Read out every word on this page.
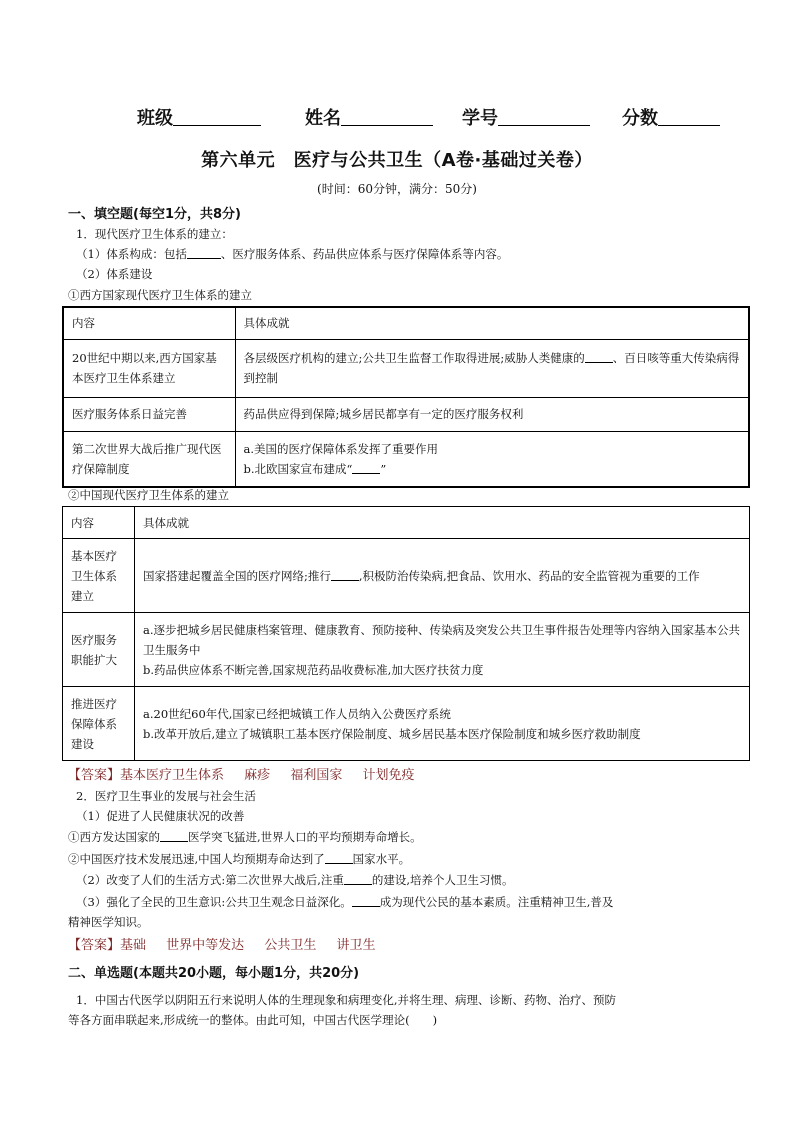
班级	姓名	学号	分数
第六单元　医疗与公共卫生（A卷·基础过关卷）
(时间：60分钟，满分：50分)
一、填空题(每空1分，共8分)
1．现代医疗卫生体系的建立：
（1）体系构成：包括	、医疗服务体系、药品供应体系与医疗保障体系等内容。
（2）体系建设
①西方国家现代医疗卫生体系的建立
内容	具体成就
20世纪中期以来,西方国家基本医疗卫生体系建立	各层级医疗机构的建立;公共卫生监督工作取得进展;威胁人类健康的 、百日咳等重大传染病得到控制
医疗服务体系日益完善	药品供应得到保障;城乡居民都享有一定的医疗服务权利
第二次世界大战后推广现代医疗保障制度	a.美国的医疗保障体系发挥了重要作用
b.北欧国家宣布建成“ ”
②中国现代医疗卫生体系的建立
内容	具体成就
基本医疗卫生体系建立	国家搭建起覆盖全国的医疗网络;推行 ,积极防治传染病,把食品、饮用水、药品的安全监管视为重要的工作
医疗服务职能扩大	a.逐步把城乡居民健康档案管理、健康教育、预防接种、传染病及突发公共卫生事件报告处理等内容纳入国家基本公共卫生服务中
b.药品供应体系不断完善,国家规范药品收费标准,加大医疗扶贫力度

推进医疗保障体系建设	a.20世纪60年代,国家已经把城镇工作人员纳入公费医疗系统
b.改革开放后,建立了城镇职工基本医疗保险制度、城乡居民基本医疗保险制度和城乡医疗救助制度
【答案】基本医疗卫生体系 麻疹 福利国家 计划免疫
2．医疗卫生事业的发展与社会生活
（1）促进了人民健康状况的改善
①西方发达国家的 医学突飞猛进,世界人口的平均预期寿命增长。
②中国医疗技术发展迅速,中国人均预期寿命达到了 国家水平。
（2）改变了人们的生活方式:第二次世界大战后,注重 的建设,培养个人卫生习惯。
（3）强化了全民的卫生意识:公共卫生观念日益深化。 成为现代公民的基本素质。注重精神卫生,普及
精神医学知识。
【答案】基础 世界中等发达 公共卫生 讲卫生
二、单选题(本题共20小题，每小题1分，共20分)
1．中国古代医学以阴阳五行来说明人体的生理现象和病理变化,并将生理、病理、诊断、药物、治疗、预防
等各方面串联起来,形成统一的整体。由此可知，中国古代医学理论(　　)
